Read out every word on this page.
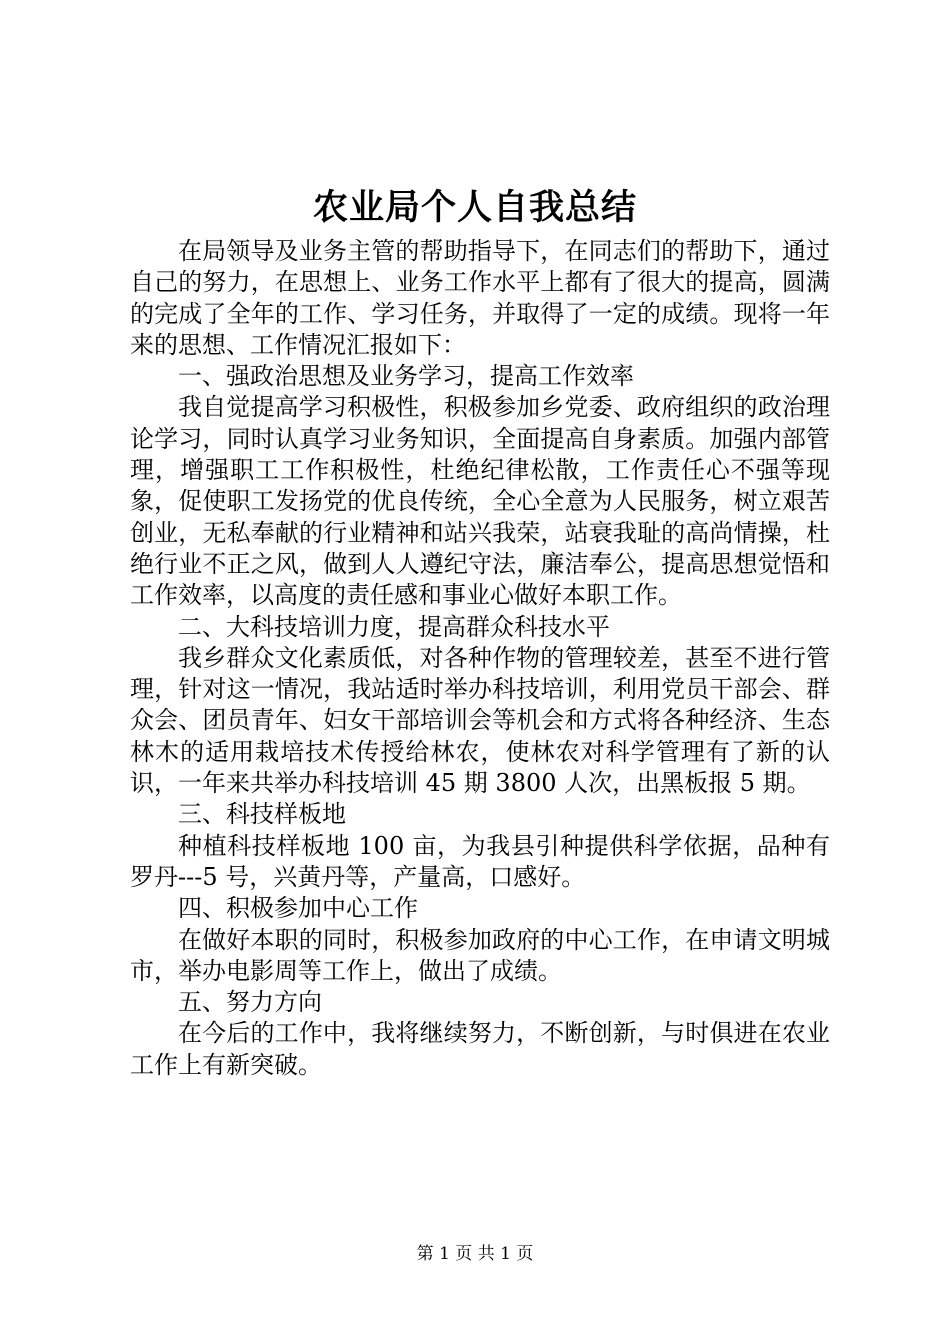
农业局个人自我总结

在局领导及业务主管的帮助指导下，在同志们的帮助下，通过自己的努力，在思想上、业务工作水平上都有了很大的提高，圆满的完成了全年的工作、学习任务，并取得了一定的成绩。现将一年来的思想、工作情况汇报如下：

一、强政治思想及业务学习，提高工作效率

我自觉提高学习积极性，积极参加乡党委、政府组织的政治理论学习，同时认真学习业务知识，全面提高自身素质。加强内部管理，增强职工工作积极性，杜绝纪律松散，工作责任心不强等现象，促使职工发扬党的优良传统，全心全意为人民服务，树立艰苦创业，无私奉献的行业精神和站兴我荣，站衰我耻的高尚情操，杜绝行业不正之风，做到人人遵纪守法，廉洁奉公，提高思想觉悟和工作效率，以高度的责任感和事业心做好本职工作。

二、大科技培训力度，提高群众科技水平

我乡群众文化素质低，对各种作物的管理较差，甚至不进行管理，针对这一情况，我站适时举办科技培训，利用党员干部会、群众会、团员青年、妇女干部培训会等机会和方式将各种经济、生态林木的适用栽培技术传授给林农，使林农对科学管理有了新的认识，一年来共举办科技培训 45 期 3800 人次，出黑板报 5 期。

三、科技样板地

种植科技样板地 100 亩，为我县引种提供科学依据，品种有罗丹---5 号，兴黄丹等，产量高，口感好。

四、积极参加中心工作

在做好本职的同时，积极参加政府的中心工作，在申请文明城市，举办电影周等工作上，做出了成绩。

五、努力方向

在今后的工作中，我将继续努力，不断创新，与时俱进在农业工作上有新突破。

第 1 页 共 1 页
